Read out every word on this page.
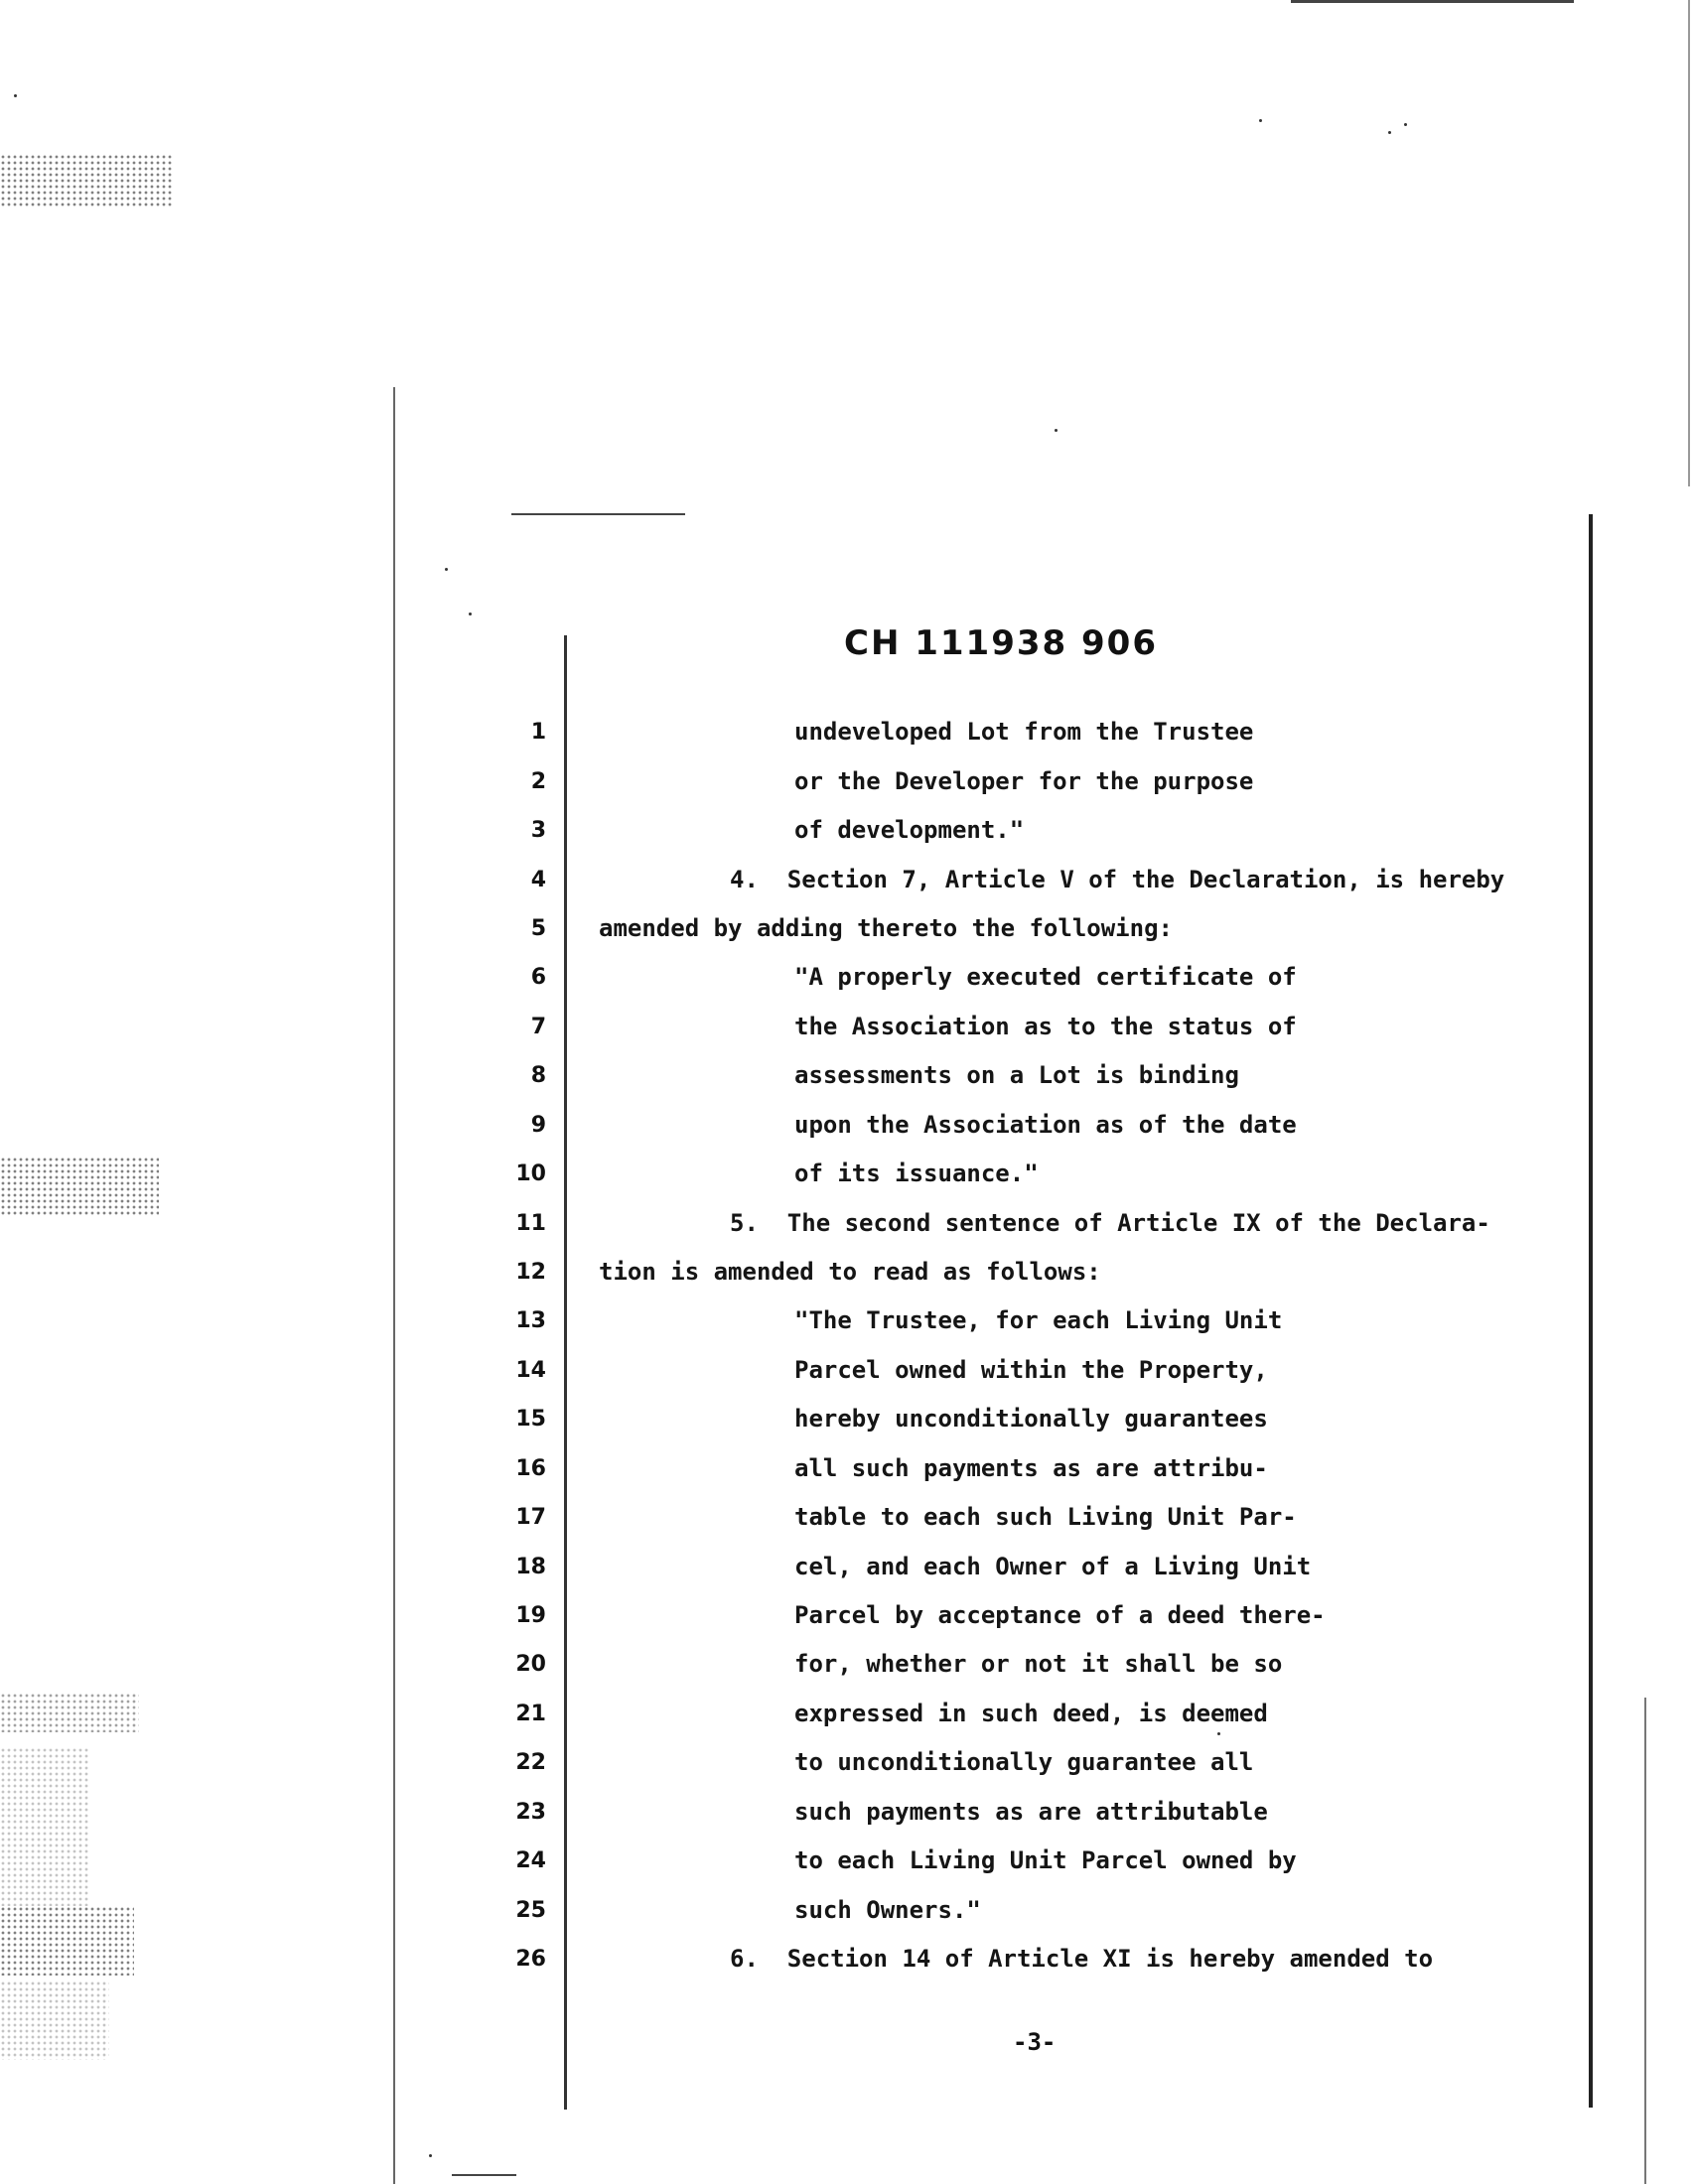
CH 111938 906
1
2
3
4
5
6
7
8
9
10
11
12
13
14
15
16
17
18
19
20
21
22
23
24
25
26
undeveloped Lot from the Trustee
or the Developer for the purpose
of development."
4.  Section 7, Article V of the Declaration, is hereby
amended by adding thereto the following:
"A properly executed certificate of
the Association as to the status of
assessments on a Lot is binding
upon the Association as of the date
of its issuance."
5.  The second sentence of Article IX of the Declara-
tion is amended to read as follows:
"The Trustee, for each Living Unit
Parcel owned within the Property,
hereby unconditionally guarantees
all such payments as are attribu-
table to each such Living Unit Par-
cel, and each Owner of a Living Unit
Parcel by acceptance of a deed there-
for, whether or not it shall be so
expressed in such deed, is deemed
to unconditionally guarantee all
such payments as are attributable
to each Living Unit Parcel owned by
such Owners."
6.  Section 14 of Article XI is hereby amended to
-3-
